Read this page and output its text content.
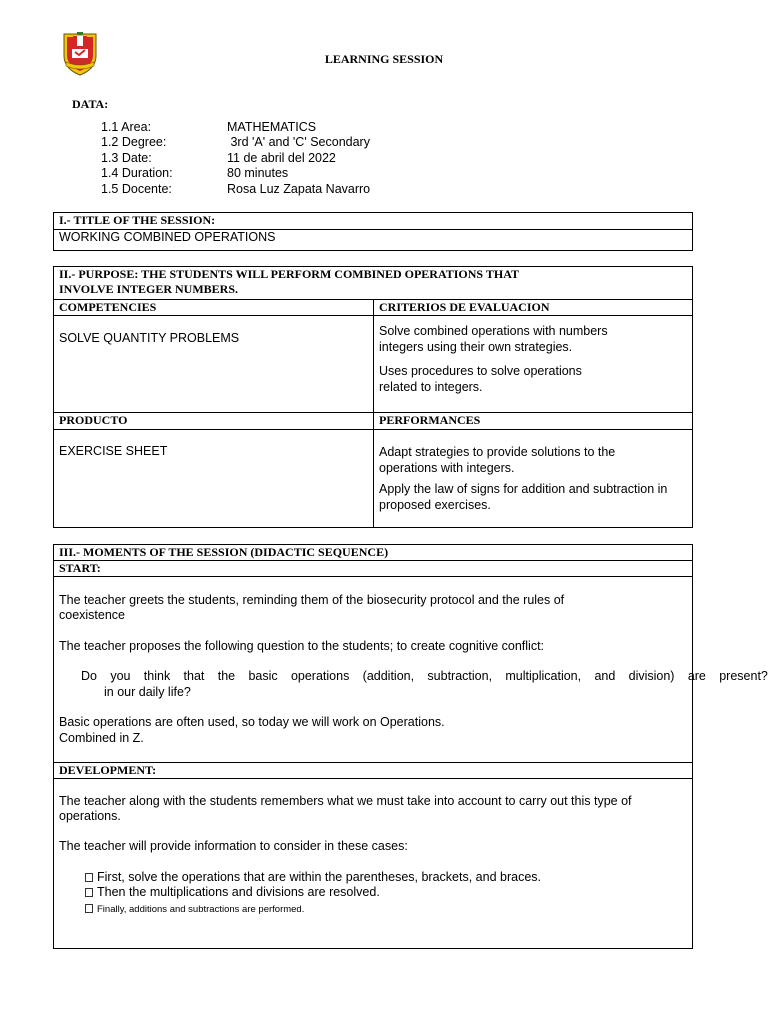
LEARNING SESSION
DATA:
1.1 Area:	MATHEMATICS
1.2 Degree:	3rd 'A' and 'C' Secondary
1.3 Date:	11 de abril del 2022
1.4 Duration:	80 minutes
1.5 Docente:	Rosa Luz Zapata Navarro
I.- TITLE OF THE SESSION:
WORKING COMBINED OPERATIONS
II.- PURPOSE: THE STUDENTS WILL PERFORM COMBINED OPERATIONS THAT
INVOLVE INTEGER NUMBERS.
COMPETENCIES	CRITERIOS DE EVALUACION
SOLVE QUANTITY PROBLEMS	Solve combined operations with numbers
integers using their own strategies.
Uses procedures to solve operations
related to integers.
PRODUCTO	PERFORMANCES
EXERCISE SHEET	Adapt strategies to provide solutions to the
operations with integers.
Apply the law of signs for addition and subtraction in
proposed exercises.
III.- MOMENTS OF THE SESSION (DIDACTIC SEQUENCE)
START:
The teacher greets the students, reminding them of the biosecurity protocol and the rules of
coexistence
The teacher proposes the following question to the students; to create cognitive conflict:
Do you think that the basic operations (addition, subtraction, multiplication, and division) are present?
in our daily life?
Basic operations are often used, so today we will work on Operations.
Combined in Z.
DEVELOPMENT:
The teacher along with the students remembers what we must take into account to carry out this type of
operations.
The teacher will provide information to consider in these cases:
First, solve the operations that are within the parentheses, brackets, and braces.
Then the multiplications and divisions are resolved.
Finally, additions and subtractions are performed.
